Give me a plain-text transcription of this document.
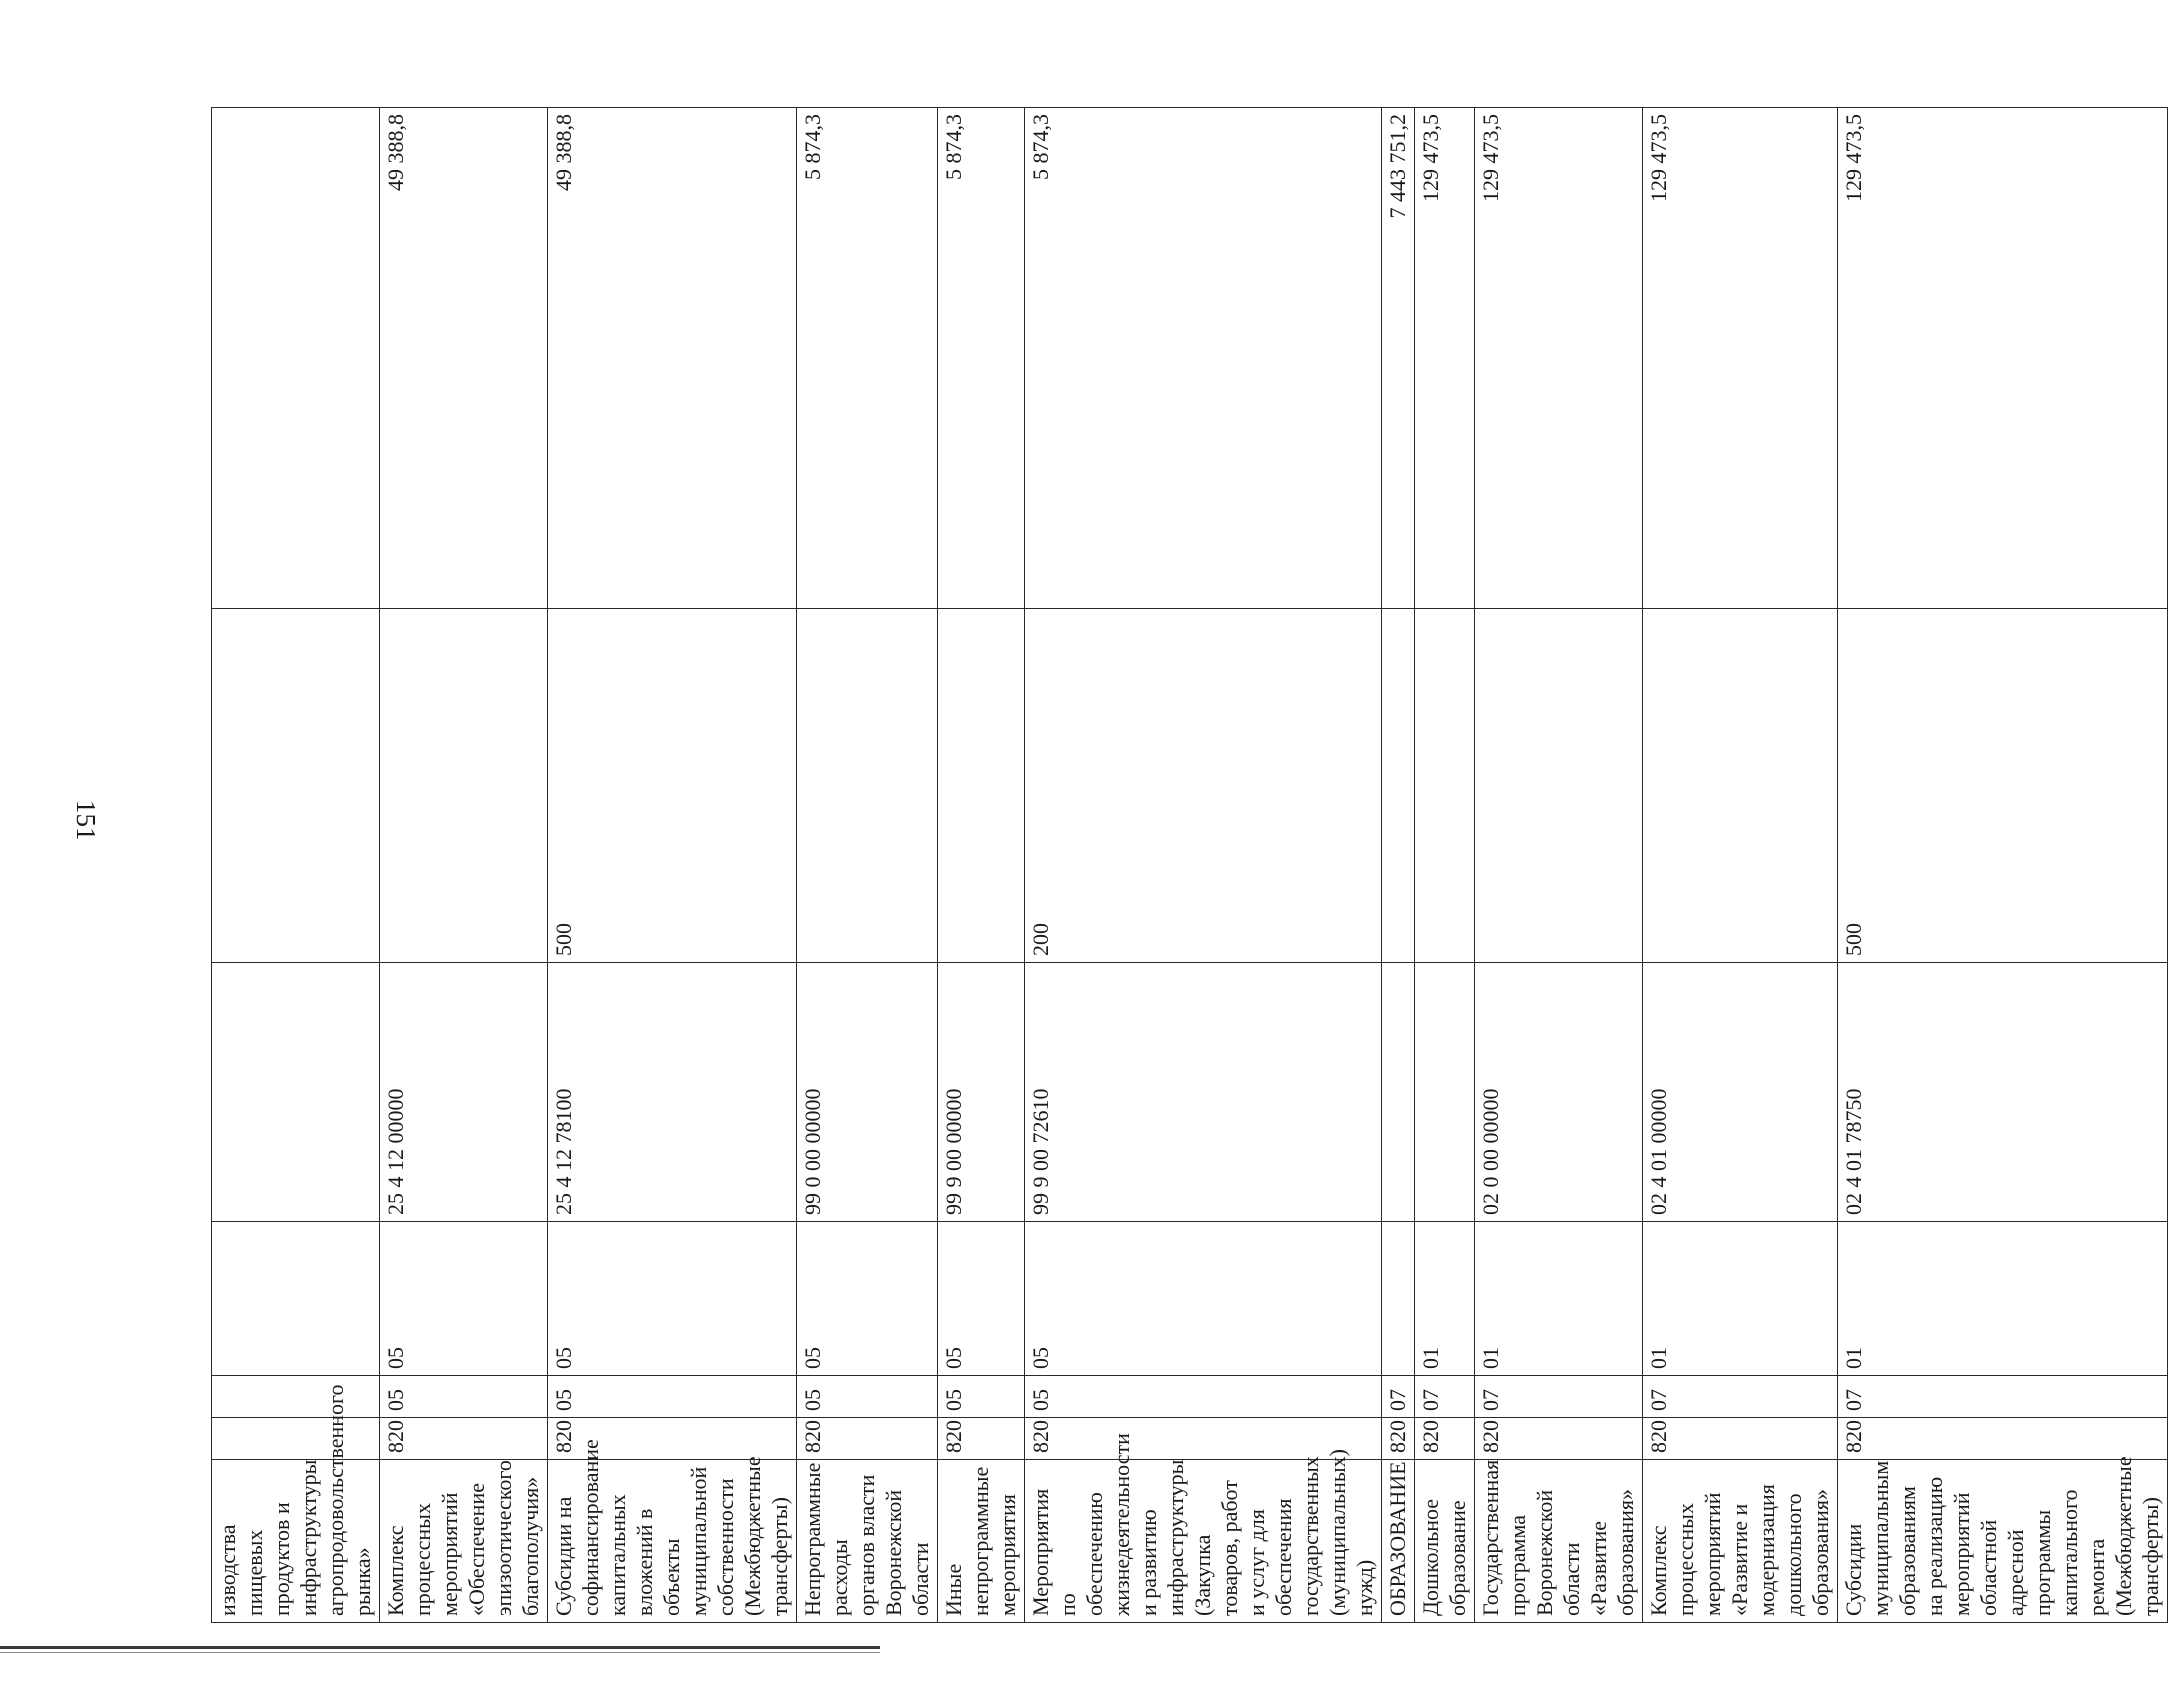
151
изводства пищевых продуктов и инфраструктуры агропродовольственного рынка»						
Комплекс процессных мероприятий «Обеспечение эпизоотического благополучия»	820	05	05	25 4 12 00000		49 388,8
Субсидии на софинансирование капитальных вложений в объекты муниципальной собственности (Межбюджетные трансферты)	820	05	05	25 4 12 78100	500	49 388,8
Непрограммные расходы органов власти Воронежской области	820	05	05	99 0 00 00000		5 874,3
Иные непрограммные мероприятия	820	05	05	99 9 00 00000		5 874,3
Мероприятия по обеспечению жизнедеятельности и развитию инфраструктуры (Закупка товаров, работ и услуг для обеспечения государственных (муниципальных) нужд)	820	05	05	99 9 00 72610	200	5 874,3
ОБРАЗОВАНИЕ	820	07				7 443 751,2
Дошкольное образование	820	07	01			129 473,5
Государственная программа Воронежской области «Развитие образования»	820	07	01	02 0 00 00000		129 473,5
Комплекс процессных мероприятий «Развитие и модернизация дошкольного образования»	820	07	01	02 4 01 00000		129 473,5
Субсидии муниципальным образованиям на реализацию мероприятий областной адресной программы капитального ремонта (Межбюджетные трансферты)	820	07	01	02 4 01 78750	500	129 473,5
